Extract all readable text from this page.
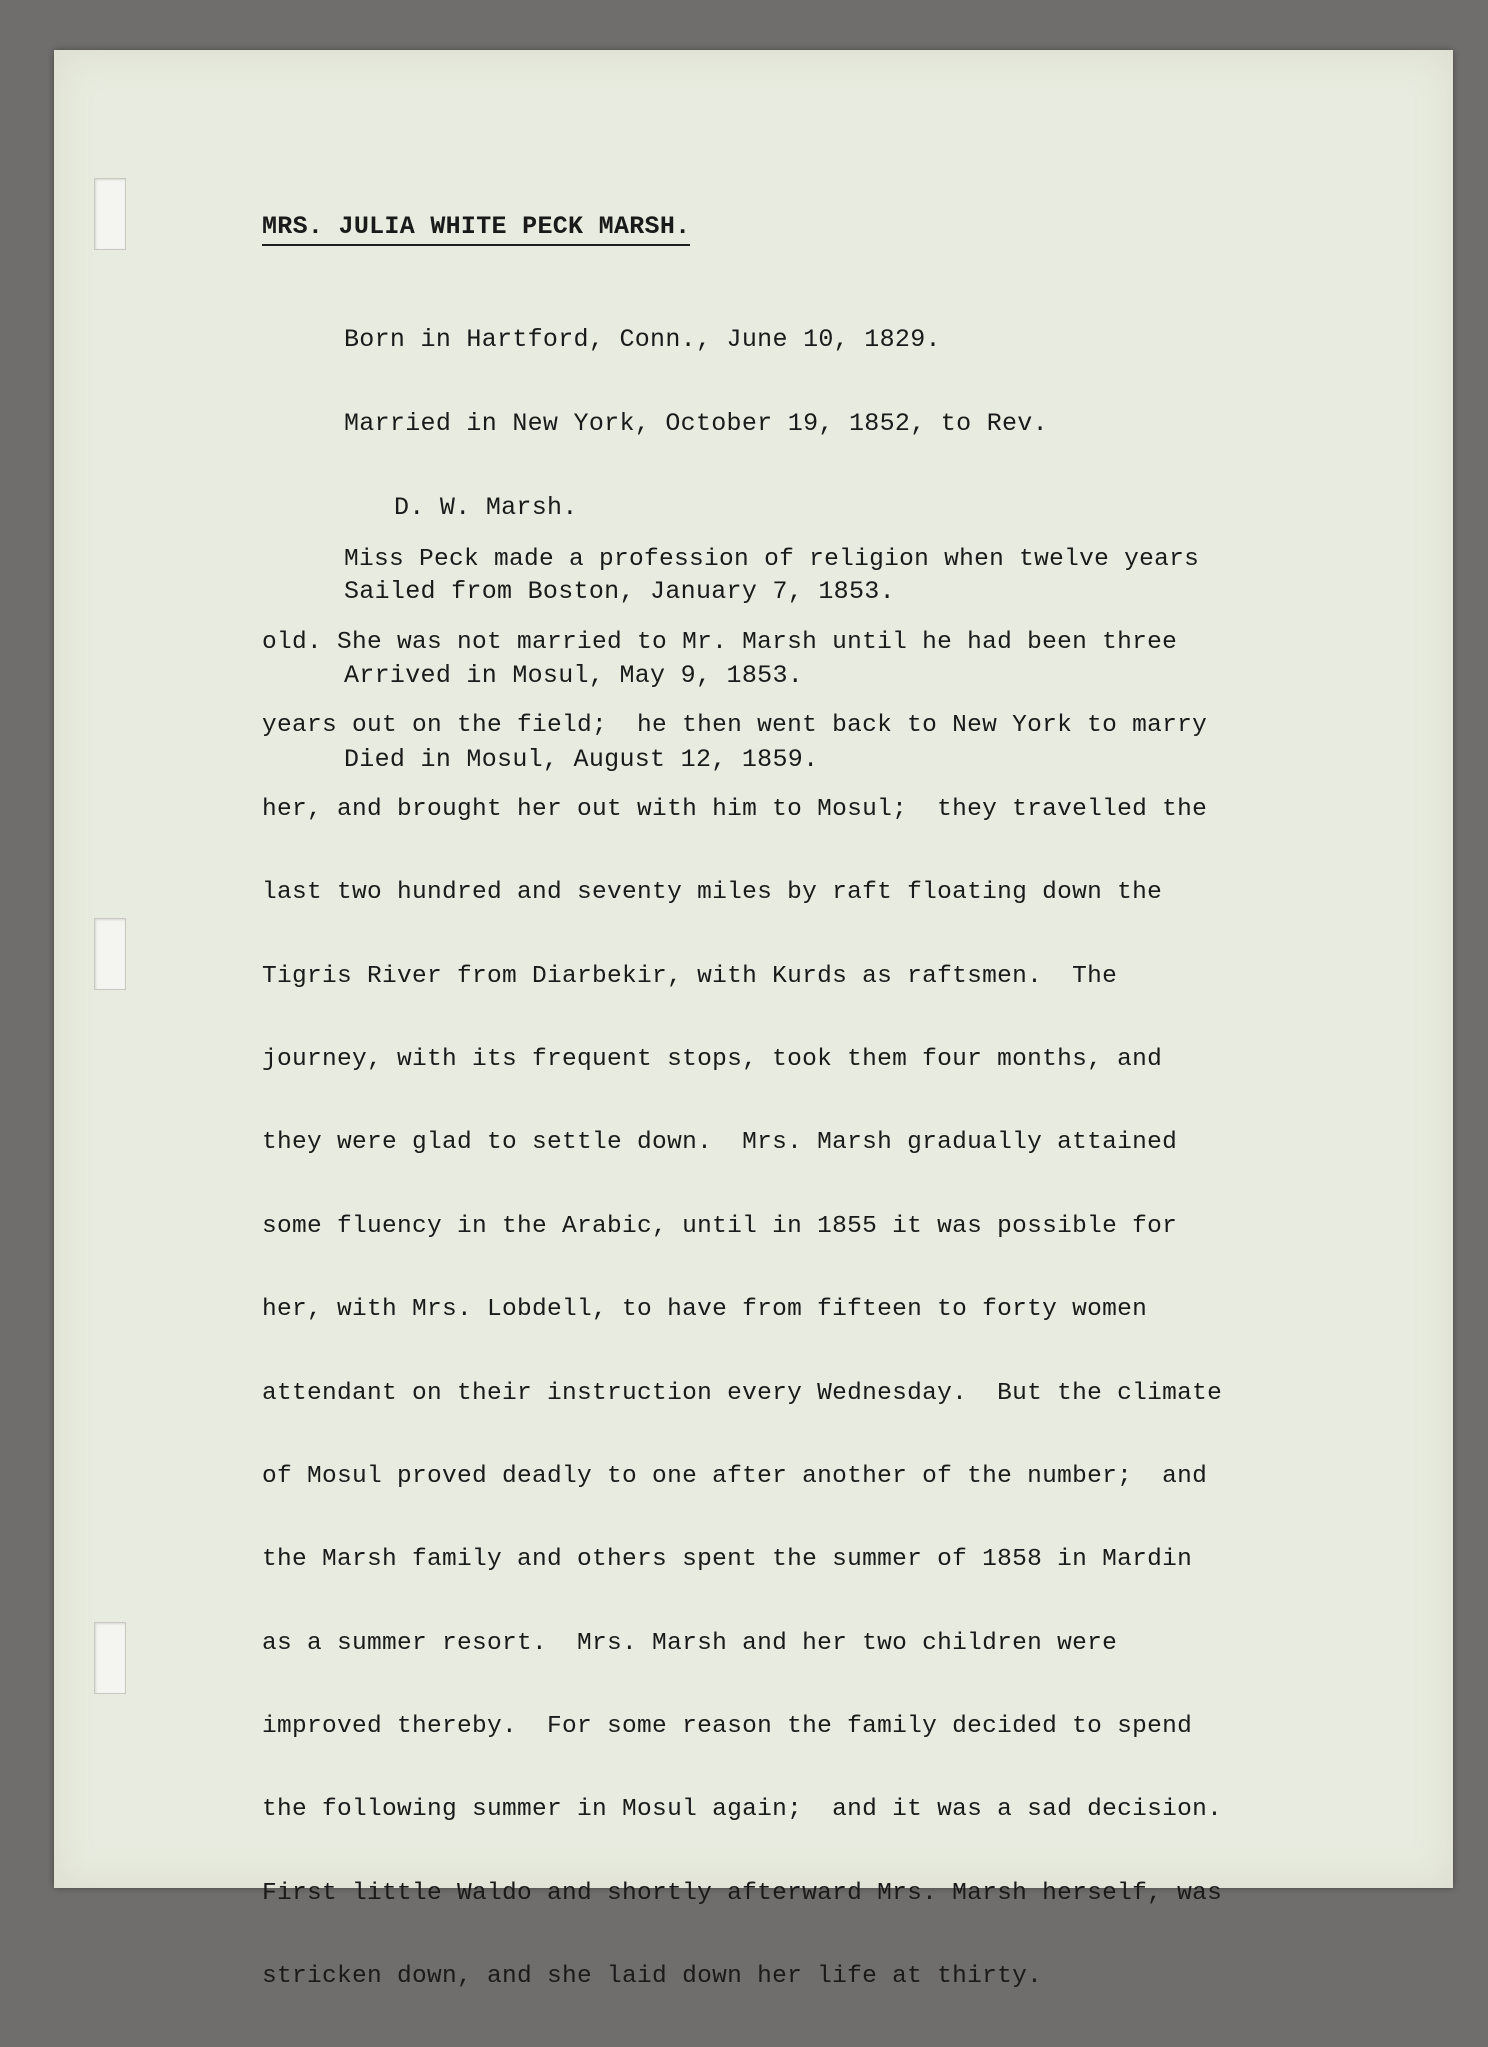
MRS. JULIA WHITE PECK MARSH.

Born in Hartford, Conn., June 10, 1829.

Married in New York, October 19, 1852, to Rev.

D. W. Marsh.

Sailed from Boston, January 7, 1853.

Arrived in Mosul, May 9, 1853.

Died in Mosul, August 12, 1859.

Miss Peck made a profession of religion when twelve years

old. She was not married to Mr. Marsh until he had been three

years out on the field;  he then went back to New York to marry

her, and brought her out with him to Mosul;  they travelled the

last two hundred and seventy miles by raft floating down the

Tigris River from Diarbekir, with Kurds as raftsmen.  The

journey, with its frequent stops, took them four months, and

they were glad to settle down.  Mrs. Marsh gradually attained

some fluency in the Arabic, until in 1855 it was possible for

her, with Mrs. Lobdell, to have from fifteen to forty women

attendant on their instruction every Wednesday.  But the climate

of Mosul proved deadly to one after another of the number;  and

the Marsh family and others spent the summer of 1858 in Mardin

as a summer resort.  Mrs. Marsh and her two children were

improved thereby.  For some reason the family decided to spend

the following summer in Mosul again;  and it was a sad decision.

First little Waldo and shortly afterward Mrs. Marsh herself, was

stricken down, and she laid down her life at thirty.
